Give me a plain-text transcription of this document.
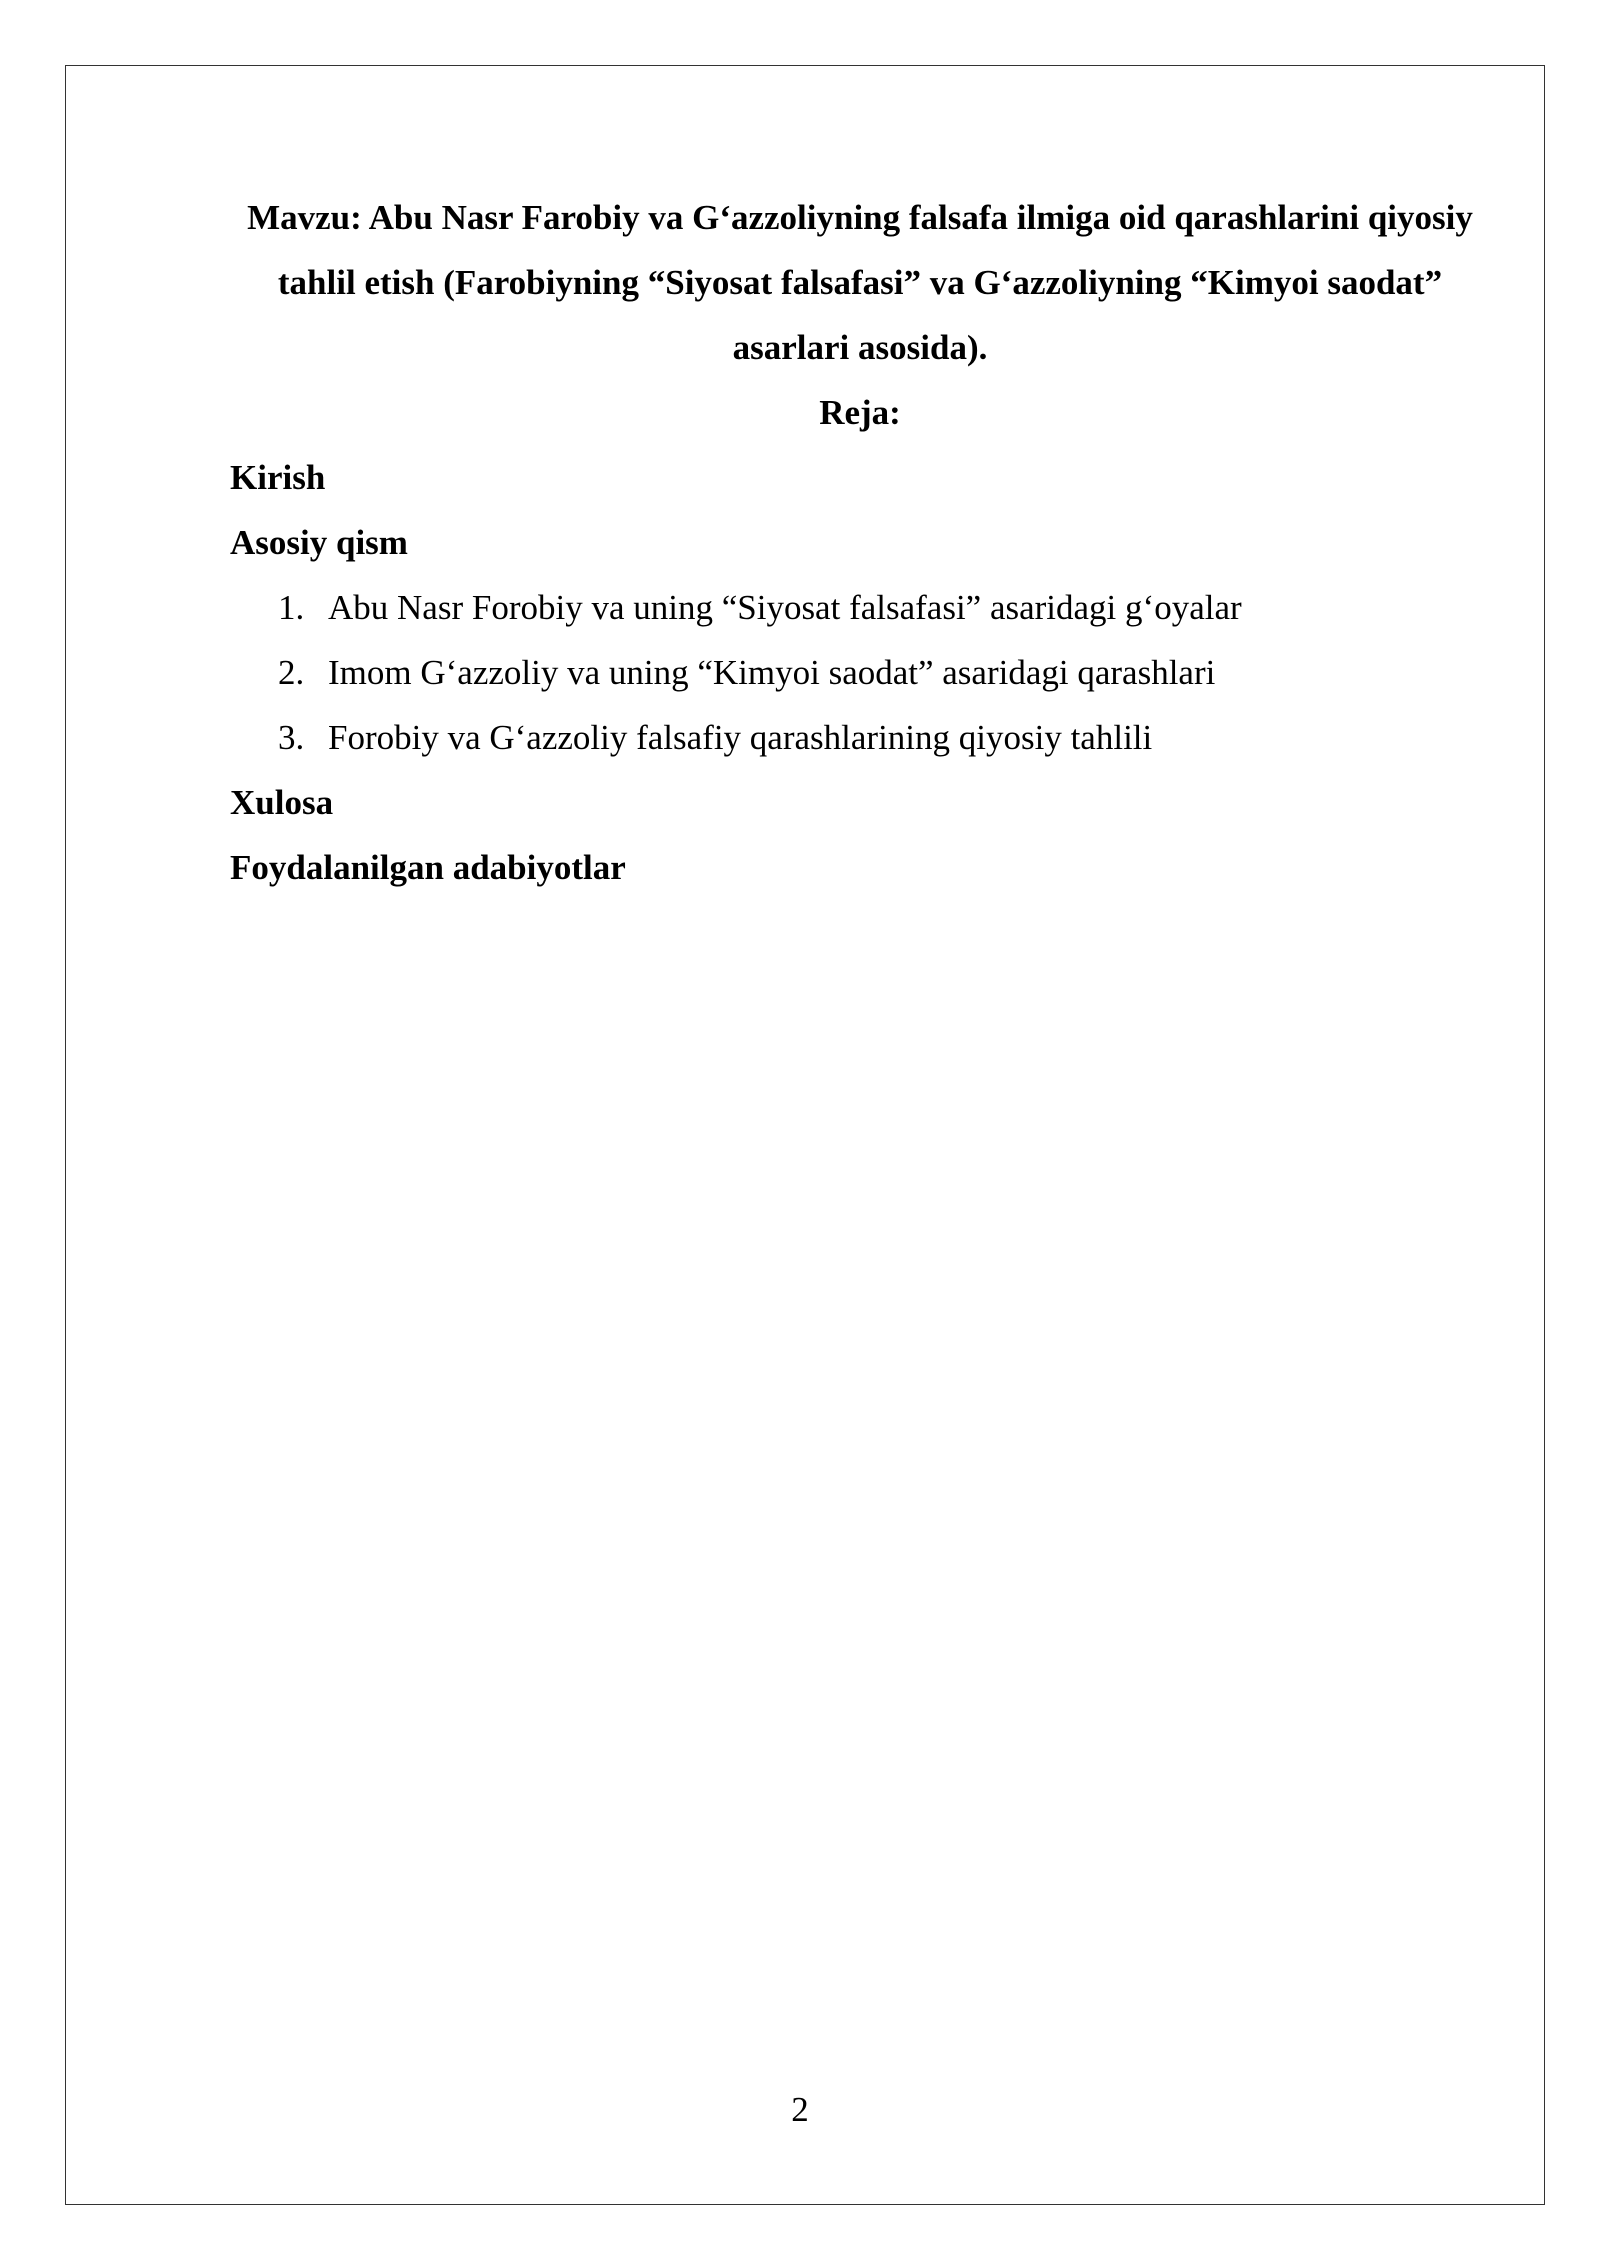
Mavzu: Abu Nasr Farobiy va G‘azzoliyning falsafa ilmiga oid qarashlarini qiyosiy tahlil etish (Farobiyning “Siyosat falsafasi” va G‘azzoliyning “Kimyoi saodat” asarlari asosida).

Reja:

Kirish

Asosiy qism

1. Abu Nasr Forobiy va uning “Siyosat falsafasi” asaridagi g‘oyalar
2. Imom G‘azzoliy va uning “Kimyoi saodat” asaridagi qarashlari
3. Forobiy va G‘azzoliy falsafiy qarashlarining qiyosiy tahlili

Xulosa

Foydalanilgan adabiyotlar

2
